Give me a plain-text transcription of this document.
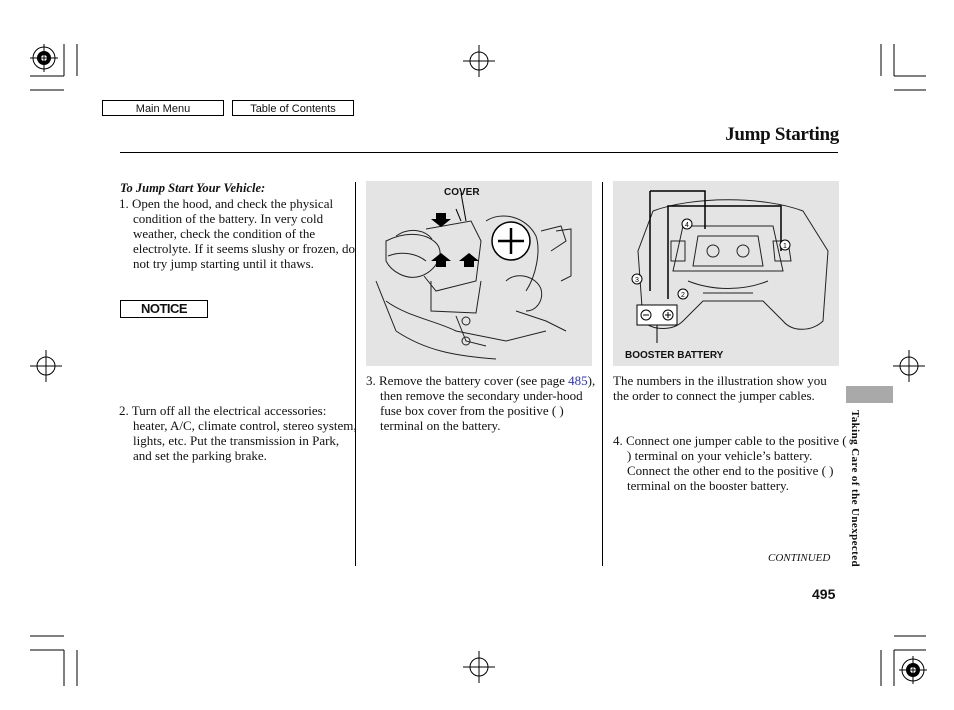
Main Menu	Table of Contents
Jump Starting
To Jump Start Your Vehicle:
1. Open the hood, and check the physical condition of the battery. In very cold weather, check the condition of the electrolyte. If it seems slushy or frozen, do not try jump starting until it thaws.
NOTICE
2. Turn off all the electrical accessories: heater, A/C, climate control, stereo system, lights, etc. Put the transmission in Park, and set the parking brake.
COVER
3. Remove the battery cover (see page 485), then remove the secondary under-hood fuse box cover from the positive ( ) terminal on the battery.
4
1
3
2
BOOSTER BATTERY
The numbers in the illustration show you the order to connect the jumper cables.
4. Connect one jumper cable to the positive ( ) terminal on your vehicle’s battery. Connect the other end to the positive ( ) terminal on the booster battery.
CONTINUED Taking Care of the Unexpected
495
